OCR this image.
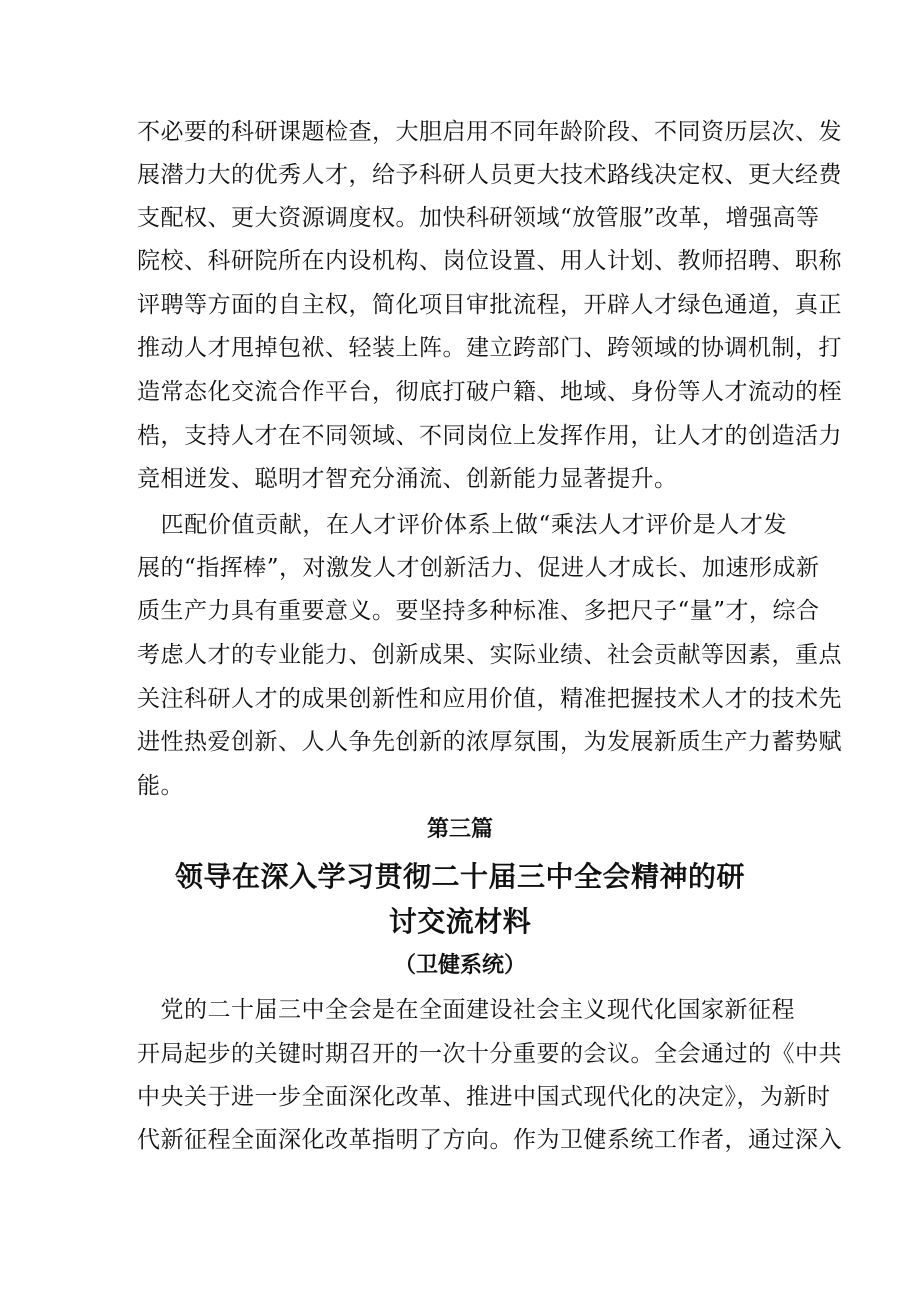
不必要的科研课题检查，大胆启用不同年龄阶段、不同资历层次、发
展潜力大的优秀人才，给予科研人员更大技术路线决定权、更大经费
支配权、更大资源调度权。加快科研领域“放管服”改革，增强高等
院校、科研院所在内设机构、岗位设置、用人计划、教师招聘、职称
评聘等方面的自主权，简化项目审批流程，开辟人才绿色通道，真正
推动人才甩掉包袱、轻装上阵。建立跨部门、跨领域的协调机制，打
造常态化交流合作平台，彻底打破户籍、地域、身份等人才流动的桎
梏，支持人才在不同领域、不同岗位上发挥作用，让人才的创造活力
竞相迸发、聪明才智充分涌流、创新能力显著提升。
　匹配价值贡献，在人才评价体系上做“乘法人才评价是人才发
展的“指挥棒”，对激发人才创新活力、促进人才成长、加速形成新
质生产力具有重要意义。要坚持多种标准、多把尺子“量”才，综合
考虑人才的专业能力、创新成果、实际业绩、社会贡献等因素，重点
关注科研人才的成果创新性和应用价值，精准把握技术人才的技术先
进性热爱创新、人人争先创新的浓厚氛围，为发展新质生产力蓄势赋
能。
第三篇
领导在深入学习贯彻二十届三中全会精神的研
讨交流材料
（卫健系统）
　党的二十届三中全会是在全面建设社会主义现代化国家新征程
开局起步的关键时期召开的一次十分重要的会议。全会通过的《中共
中央关于进一步全面深化改革、推进中国式现代化的决定》，为新时
代新征程全面深化改革指明了方向。作为卫健系统工作者，通过深入
